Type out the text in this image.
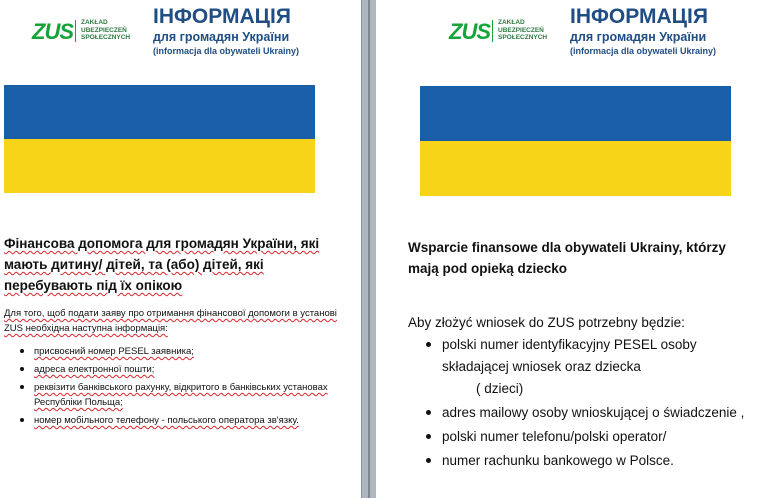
ZUS ZAKŁAD
UBEZPIECZEŃ
SPOŁECZNYCH
ІНФОРМАЦІЯ
для громадян України
(informacja dla obywateli Ukrainy)

Фінансова допомога для громадян України, які мають дитину/ дітей, та (або) дітей, які перебувають під їх опікою

Для того, щоб подати заяву про отримання фінансової допомоги в установі ZUS необхідна наступна інформація:

присвоєний номер PESEL заявника;
адреса електронної пошти;
реквізити банківського рахунку, відкритого в банківських установах Республіки Польща;
номер мобільного телефону - польського оператора зв'язку.
ZUS ZAKŁAD
UBEZPIECZEŃ
SPOŁECZNYCH
ІНФОРМАЦІЯ
для громадян України
(informacja dla obywateli Ukrainy)

Wsparcie finansowe dla obywateli Ukrainy, którzy mają pod opieką dziecko

Aby złożyć wniosek do ZUS potrzebny będzie:

polski numer identyfikacyjny PESEL osoby składającej wniosek oraz dziecka
( dzieci)
adres mailowy osoby wnioskującej o świadczenie ,
polski numer telefonu/polski operator/
numer rachunku bankowego w Polsce.
